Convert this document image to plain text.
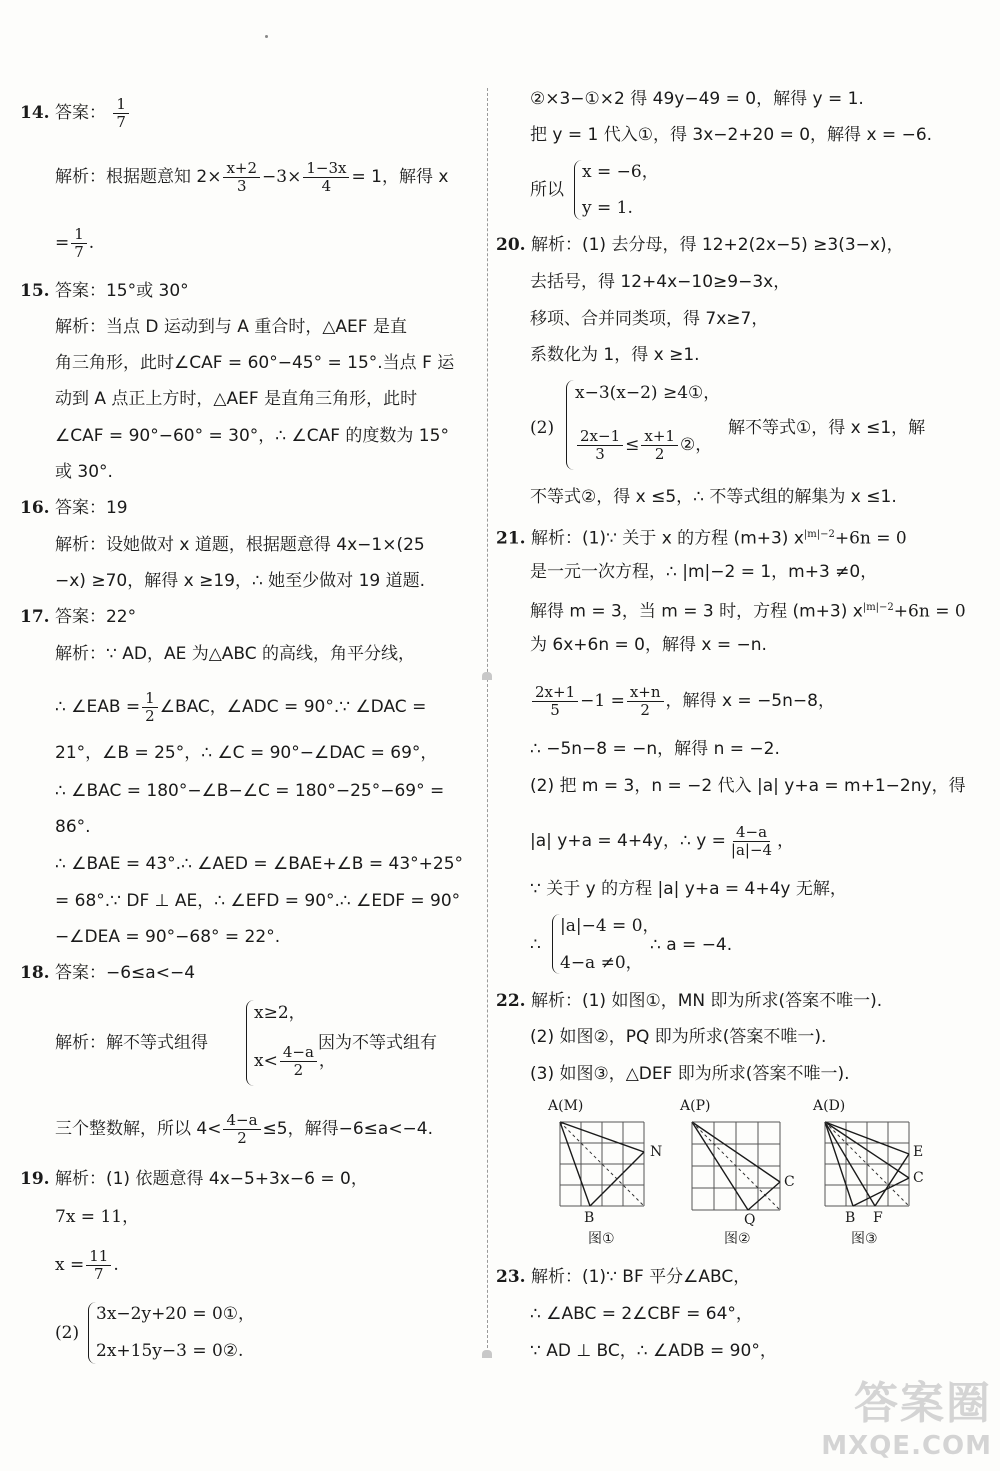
14. 答案： $\frac{1}{7}$
解析：根据题意知 $2\times \frac{x+2}{3} -3\times \frac{1-3x}{4} = 1$，解得 x
= $\frac{1}{7}$ .
15. 答案：15°或 30°
解析：当点 D 运动到与 A 重合时，△AEF 是直
角三角形，此时∠CAF = 60°−45° = 15°.当点 F 运
动到 A 点正上方时，△AEF 是直角三角形，此时
∠CAF = 90°−60° = 30°，∴ ∠CAF 的度数为 15°
或 30°.
16. 答案：19
解析：设她做对 x 道题，根据题意得 4x−1×(25
−x) ≥70，解得 x ≥19，∴ 她至少做对 19 道题.
17. 答案：22°
解析：∵ AD，AE 为△ABC 的高线，角平分线，
∴ ∠EAB = $\frac{1}{2}$ ∠BAC，∠ADC = 90°.∵ ∠DAC =
21°，∠B = 25°，∴ ∠C = 90°−∠DAC = 69°，
∴ ∠BAC = 180°−∠B−∠C = 180°−25°−69° =
86°.
∴ ∠BAE = 43°.∴ ∠AED = ∠BAE+∠B = 43°+25°
= 68°.∵ DF ⊥ AE，∴ ∠EFD = 90°.∴ ∠EDF = 90°
−∠DEA = 90°−68° = 22°.
18. 答案：−6≤a<−4
解析：解不等式组得
x≥2，
$x< \frac{4-a}{2}$ ，
因为不等式组有
三个整数解，所以 $4< \frac{4-a}{2} \le 5$，解得−6≤a<−4.
19. 解析：(1) 依题意得 4x−5+3x−6 = 0，
7x = 11，
$x = \frac{11}{7}$ .
(2)
3x−2y+20 = 0①，
2x+15y−3 = 0②.
②×3−①×2 得 49y−49 = 0，解得 y = 1.
把 y = 1 代入①，得 3x−2+20 = 0，解得 x = −6.
所以
x = −6，
y = 1.
20. 解析：(1) 去分母，得 12+2(2x−5) ≥3(3−x)，
去括号，得 12+4x−10≥9−3x，
移项、合并同类项，得 7x≥7，
系数化为 1，得 x ≥1.
(2)
x−3(x−2) ≥4①，
$\frac{2x-1}{3} \le \frac{x+1}{2}$ ②，
解不等式①，得 x ≤1，解
不等式②，得 x ≤5，∴ 不等式组的解集为 x ≤1.
21. 解析：(1)∵ 关于 x 的方程 (m+3) $x^{|m|-2}+6n = 0$
是一元一次方程，∴ |m|−2 = 1，m+3 ≠0，
解得 m = 3，当 m = 3 时，方程 (m+3) $x^{|m|-2}+6n = 0$
为 6x+6n = 0，解得 x = −n.
$\frac{2x+1}{5} -1 = \frac{x+n}{2}$ ，解得 x = −5n−8，
∴ −5n−8 = −n，解得 n = −2.
(2) 把 m = 3，n = −2 代入 |a| y+a = m+1−2ny，得
|a| y+a = 4+4y，∴ $y = \frac{4-a}{|a|-4}$ ，
∵ 关于 y 的方程 |a| y+a = 4+4y 无解，
∴
|a|−4 = 0，
4−a ≠0，
∴ a = −4.
22. 解析：(1) 如图①，MN 即为所求(答案不唯一).
(2) 如图②，PQ 即为所求(答案不唯一).
(3) 如图③，△DEF 即为所求(答案不唯一).
A(M)
N
B
图①
A(P)
C
Q
图②
A(D)
E
C
B F
图③
23. 解析：(1)∵ BF 平分∠ABC，
∴ ∠ABC = 2∠CBF = 64°，
∵ AD ⊥ BC，∴ ∠ADB = 90°，
答案圈
MXQE.COM
